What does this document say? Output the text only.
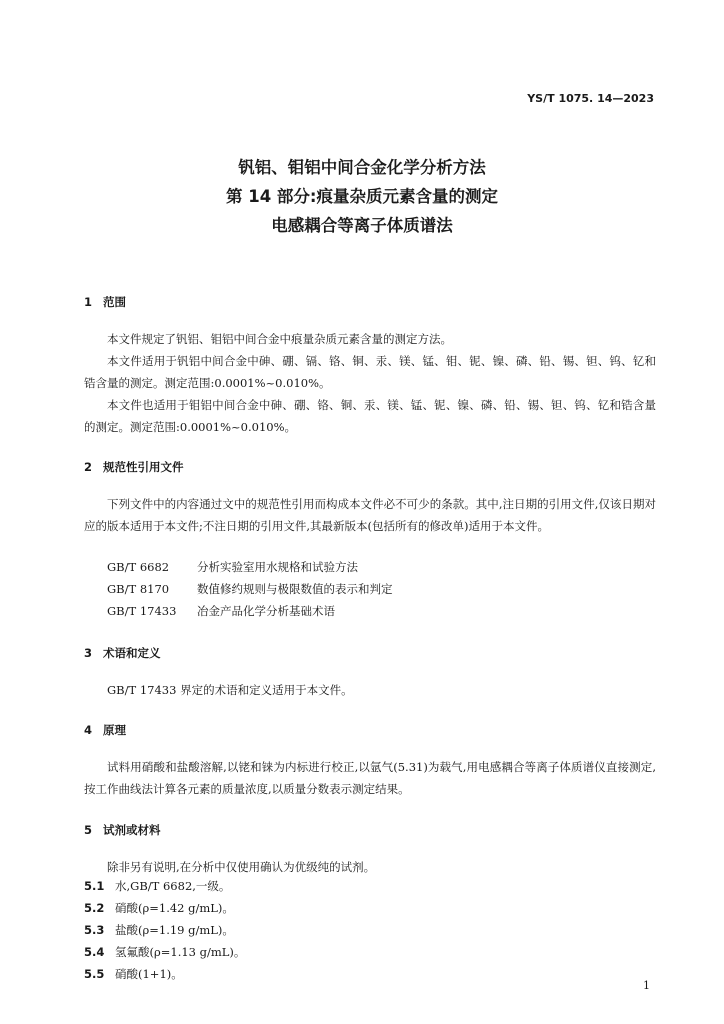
YS/T 1075. 14—2023
钒铝、钼铝中间合金化学分析方法
第 14 部分:痕量杂质元素含量的测定
电感耦合等离子体质谱法
1 范围
本文件规定了钒铝、钼铝中间合金中痕量杂质元素含量的测定方法。
本文件适用于钒铝中间合金中砷、硼、镉、铬、铜、汞、镁、锰、钼、铌、镍、磷、铅、锡、钽、钨、钇和锆含量的测定。测定范围:0.0001%~0.010%。
本文件也适用于钼铝中间合金中砷、硼、铬、铜、汞、镁、锰、铌、镍、磷、铅、锡、钽、钨、钇和锆含量的测定。测定范围:0.0001%~0.010%。
2 规范性引用文件
下列文件中的内容通过文中的规范性引用而构成本文件必不可少的条款。其中,注日期的引用文件,仅该日期对应的版本适用于本文件;不注日期的引用文件,其最新版本(包括所有的修改单)适用于本文件。
GB/T 6682 分析实验室用水规格和试验方法
GB/T 8170 数值修约规则与极限数值的表示和判定
GB/T 17433 冶金产品化学分析基础术语
3 术语和定义
GB/T 17433 界定的术语和定义适用于本文件。
4 原理
试料用硝酸和盐酸溶解,以铑和铼为内标进行校正,以氩气(5.31)为载气,用电感耦合等离子体质谱仪直接测定,按工作曲线法计算各元素的质量浓度,以质量分数表示测定结果。
5 试剂或材料
除非另有说明,在分析中仅使用确认为优级纯的试剂。
5.1 水,GB/T 6682,一级。
5.2 硝酸(ρ=1.42 g/mL)。
5.3 盐酸(ρ=1.19 g/mL)。
5.4 氢氟酸(ρ=1.13 g/mL)。
5.5 硝酸(1+1)。
1
